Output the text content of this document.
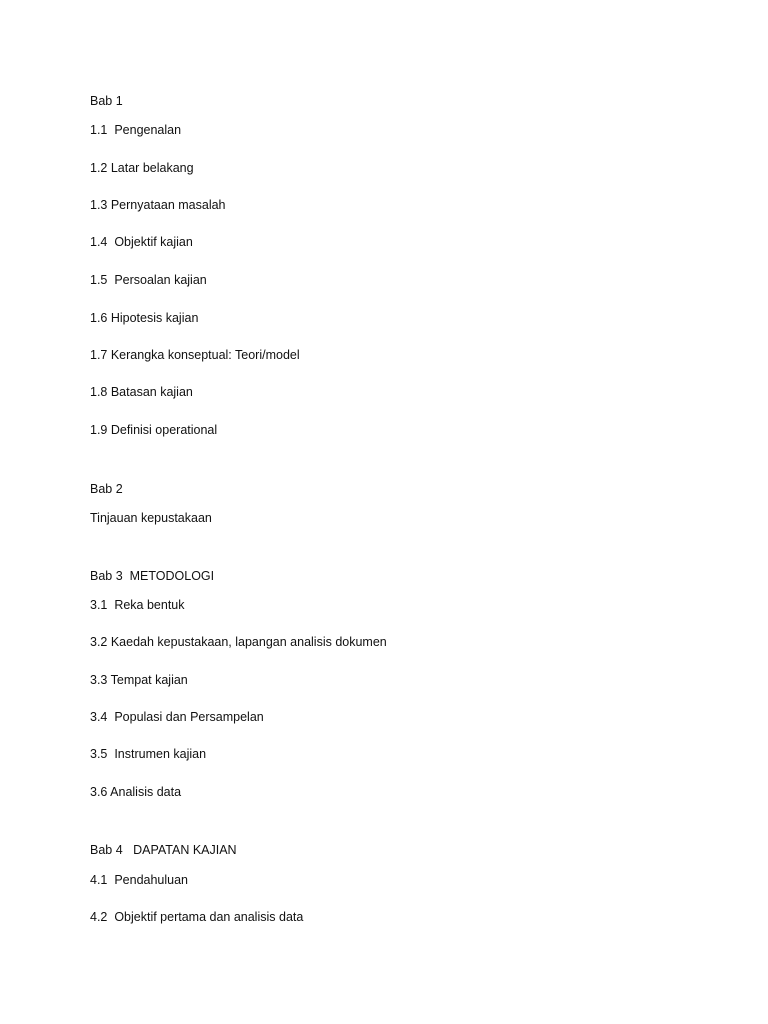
Bab 1
1.1  Pengenalan
1.2 Latar belakang
1.3 Pernyataan masalah
1.4  Objektif kajian
1.5  Persoalan kajian
1.6 Hipotesis kajian
1.7 Kerangka konseptual: Teori/model
1.8 Batasan kajian
1.9 Definisi operational
Bab 2
Tinjauan kepustakaan
Bab 3  METODOLOGI
3.1  Reka bentuk
3.2 Kaedah kepustakaan, lapangan analisis dokumen
3.3 Tempat kajian
3.4  Populasi dan Persampelan
3.5  Instrumen kajian
3.6 Analisis data
Bab 4   DAPATAN KAJIAN
4.1  Pendahuluan
4.2  Objektif pertama dan analisis data
